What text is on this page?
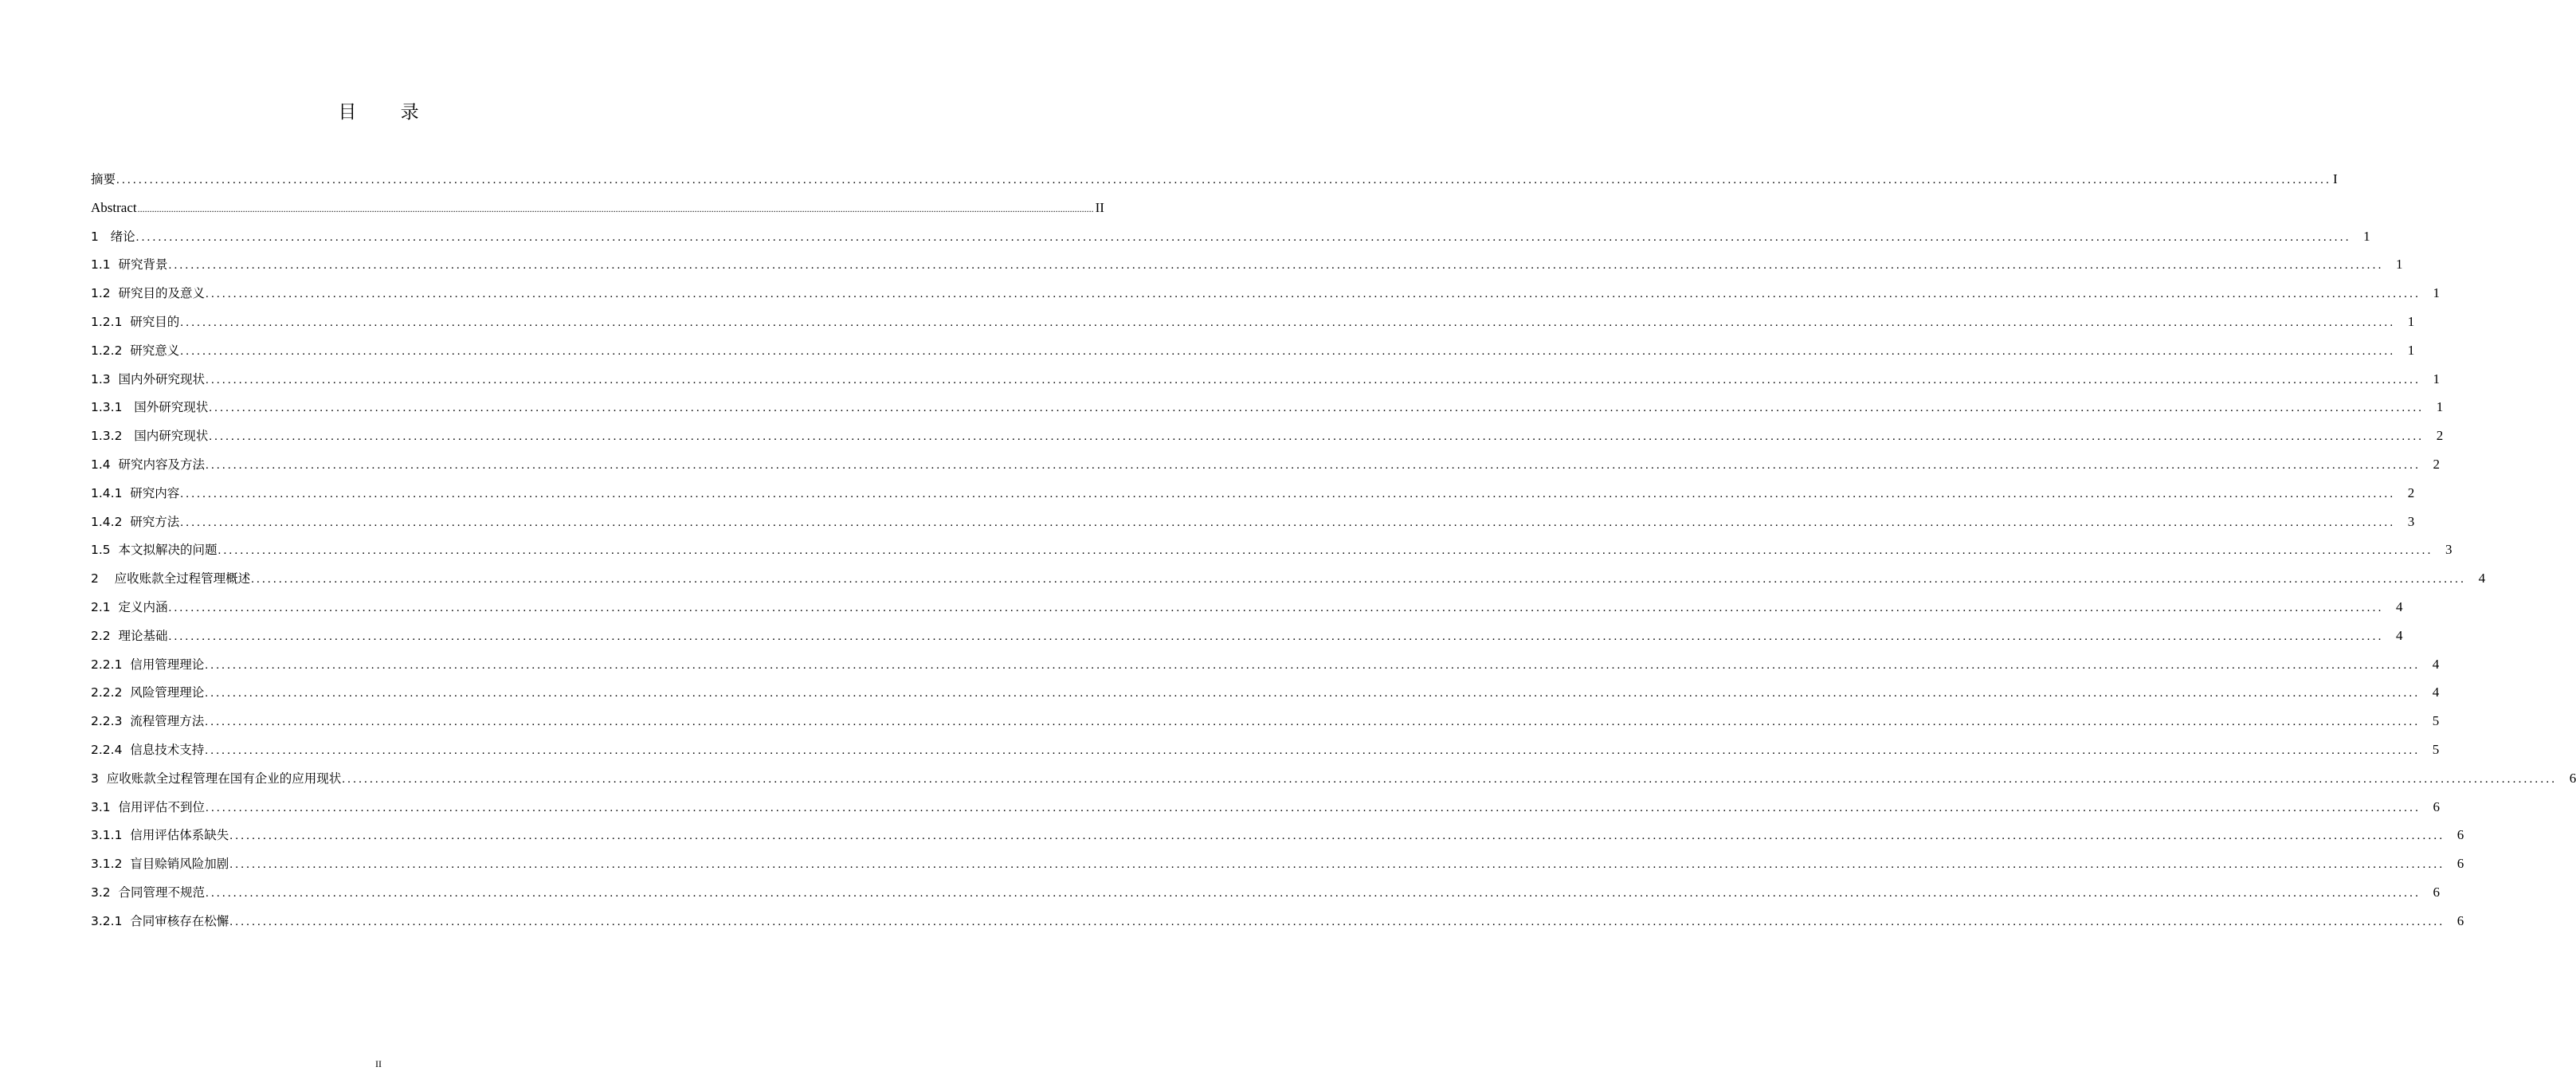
目 录
摘要 ................................................................................................................................................................................................................................................................................................................................................................................................................ I
Abstract ................................................................................................................................................................................................................................................................................................................................................................................................................ II
1   绪论 ................................................................................................................................................................................................................................................................................................................................................................................................................ 1
1.1  研究背景 ................................................................................................................................................................................................................................................................................................................................................................................................................ 1
1.2  研究目的及意义 ................................................................................................................................................................................................................................................................................................................................................................................................................ 1
1.2.1  研究目的 ................................................................................................................................................................................................................................................................................................................................................................................................................ 1
1.2.2  研究意义 ................................................................................................................................................................................................................................................................................................................................................................................................................ 1
1.3  国内外研究现状 ................................................................................................................................................................................................................................................................................................................................................................................................................ 1
1.3.1   国外研究现状 ................................................................................................................................................................................................................................................................................................................................................................................................................ 1
1.3.2   国内研究现状 ................................................................................................................................................................................................................................................................................................................................................................................................................ 2
1.4  研究内容及方法 ................................................................................................................................................................................................................................................................................................................................................................................................................ 2
1.4.1  研究内容 ................................................................................................................................................................................................................................................................................................................................................................................................................ 2
1.4.2  研究方法 ................................................................................................................................................................................................................................................................................................................................................................................................................ 3
1.5  本文拟解决的问题 ................................................................................................................................................................................................................................................................................................................................................................................................................ 3
2    应收账款全过程管理概述 ................................................................................................................................................................................................................................................................................................................................................................................................................ 4
2.1  定义内涵 ................................................................................................................................................................................................................................................................................................................................................................................................................ 4
2.2  理论基础 ................................................................................................................................................................................................................................................................................................................................................................................................................ 4
2.2.1  信用管理理论 ................................................................................................................................................................................................................................................................................................................................................................................................................ 4
2.2.2  风险管理理论 ................................................................................................................................................................................................................................................................................................................................................................................................................ 4
2.2.3  流程管理方法 ................................................................................................................................................................................................................................................................................................................................................................................................................ 5
2.2.4  信息技术支持 ................................................................................................................................................................................................................................................................................................................................................................................................................ 5
3  应收账款全过程管理在国有企业的应用现状 ................................................................................................................................................................................................................................................................................................................................................................................................................ 6
3.1  信用评估不到位 ................................................................................................................................................................................................................................................................................................................................................................................................................ 6
3.1.1  信用评估体系缺失 ................................................................................................................................................................................................................................................................................................................................................................................................................ 6
3.1.2  盲目赊销风险加剧 ................................................................................................................................................................................................................................................................................................................................................................................................................ 6
3.2  合同管理不规范 ................................................................................................................................................................................................................................................................................................................................................................................................................ 6
3.2.1  合同审核存在松懈 ................................................................................................................................................................................................................................................................................................................................................................................................................ 6
II
